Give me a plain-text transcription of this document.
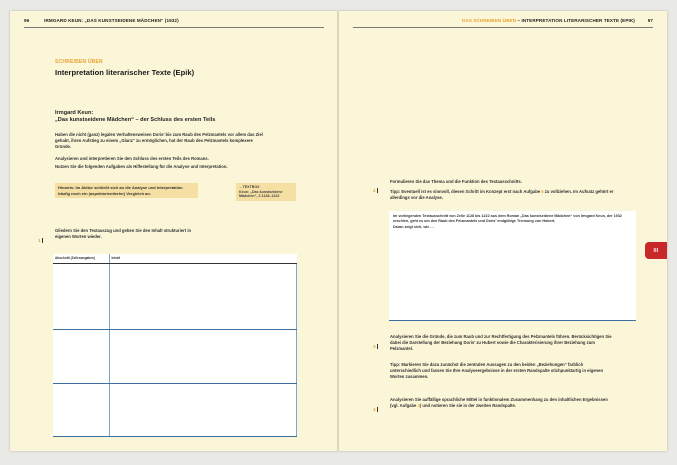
96	IRMGARD KEUN: „DAS KUNSTSEIDENE MÄDCHEN“ (1932)
SCHREIBEN ÜBEN
Interpretation literarischer Texte (Epik)
Irmgard Keun:
„Das kunstseidene Mädchen“ – der Schluss des ersten Teils
Haben die nicht (ganz) legalen Verhaltensweisen Doris’ bis zum Raub des Pelzmantels vor allem das Ziel gehabt, ihren Aufstieg zu einem „Glanz“ zu ermöglichen, hat der Raub des Pelzmantels komplexere Gründe.
Analysieren und interpretieren Sie den Schluss des ersten Teils des Romans.
Nutzen Sie die folgenden Aufgaben als Hilfestellung für die Analyse und Interpretation.
Hinweis: Im Abitur schließt sich an die Analyse und Interpretation häufig noch ein (aspektorientierter) Vergleich an.
→TEXTBOX
Keun: „Das kunstseidene
Mädchen“, Z.1128–1222
1
Gliedern Sie den Textauszug und geben Sie den Inhalt strukturiert in eigenen Worten wieder.
Abschnitt (Zeilenangaben)	Inhalt

DAS SCHREIBEN ÜBEN – INTERPRETATION LITERARISCHER TEXTE (EPIK)	97
2
Formulieren Sie das Thema und die Funktion des Textausschnitts.
Tipp: Eventuell ist es sinnvoll, diesen Schritt im Konzept erst nach Aufgabe 5 zu vollziehen. Im Aufsatz gehört er allerdings vor die Analyse.
Im vorliegenden Textausschnitt von Zeile 1128 bis 1222 aus dem Roman „Das kunstseidene Mädchen“ von Irmgard Keun, der 1932 erschien, geht es um den Raub des Pelzmantels und Doris’ endgültige Trennung von Hubert.
Daran zeigt sich, wie …
3
Analysieren Sie die Gründe, die zum Raub und zur Rechtfertigung des Pelzmantels führen. Berücksichtigen Sie dabei die Darstellung der Beziehung Doris’ zu Hubert sowie die Charakterisierung ihrer Beziehung zum Pelzmantel.
Tipp: Markieren Sie dazu zunächst die zentralen Aussagen zu den beiden „Beziehungen“ farblich unterschiedlich und fassen Sie Ihre Analyseergebnisse in der ersten Randspalte stichpunktartig in eigenen Worten zusammen.
4
Analysieren Sie auffällige sprachliche Mittel in funktionalem Zusammenhang zu den inhaltlichen Ergebnissen (vgl. Aufgabe 3) und notieren Sie sie in der zweiten Randspalte.
III
